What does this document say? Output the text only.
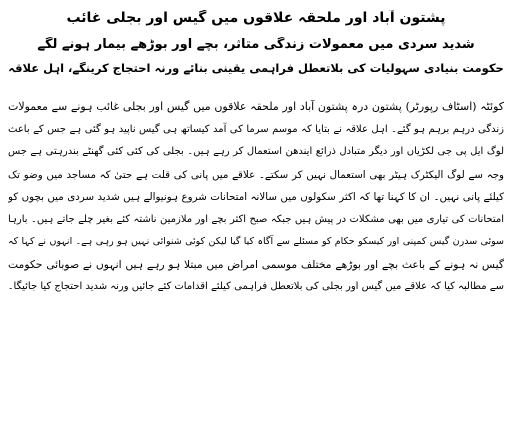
پشتون آباد اور ملحقہ علاقوں میں گیس اور بجلی غائب
شدید سردی میں معمولات زندگی متاثر، بچے اور بوڑھے بیمار ہونے لگے
حکومت بنیادی سہولیات کی بلاتعطل فراہمی یقینی بنائے ورنہ احتجاج کرینگے، اہل علاقہ
کوئٹہ (اسٹاف رپورٹر) پشتون درہ پشتون آباد اور ملحقہ علاقوں میں گیس اور بجلی غائب ہونے سے معمولات
زندگی درہم برہم ہو گئے۔ اہل علاقہ نے بتایا کہ موسم سرما کی آمد کیساتھ ہی گیس ناپید ہو گئی ہے جس کے باعث
لوگ ایل پی جی لکڑیاں اور دیگر متبادل ذرائع ایندھن استعمال کر رہے ہیں۔ بجلی کی کئی کئی گھنٹے بندرہتی ہے جس
وجہ سے لوگ الیکٹرک ہیٹر بھی استعمال نہیں کر سکتے۔ علاقے میں پانی کی قلت ہے حتیٰ کہ مساجد میں وضو تک
کیلئے پانی نہیں۔ ان کا کہنا تھا کہ اکثر سکولوں میں سالانہ امتحانات شروع ہونیوالے ہیں شدید سردی میں بچوں کو
امتحانات کی تیاری میں بھی مشکلات در پیش ہیں جبکہ صبح اکثر بچے اور ملازمین ناشتہ کئے بغیر چلے جاتے ہیں۔ بارہا
سوئی سدرن گیس کمپنی اور کیسکو حکام کو مسئلے سے آگاہ کیا گیا لیکن کوئی شنوائی نہیں ہو رہی ہے۔ انہوں نے کہا کہ
گیس نہ ہونے کے باعث بچے اور بوڑھے مختلف موسمی امراض میں مبتلا ہو رہے ہیں انہوں نے صوبائی حکومت
سے مطالبہ کیا کہ علاقے میں گیس اور بجلی کی بلاتعطل فراہمی کیلئے اقدامات کئے جائیں ورنہ شدید احتجاج کیا جائیگا۔
